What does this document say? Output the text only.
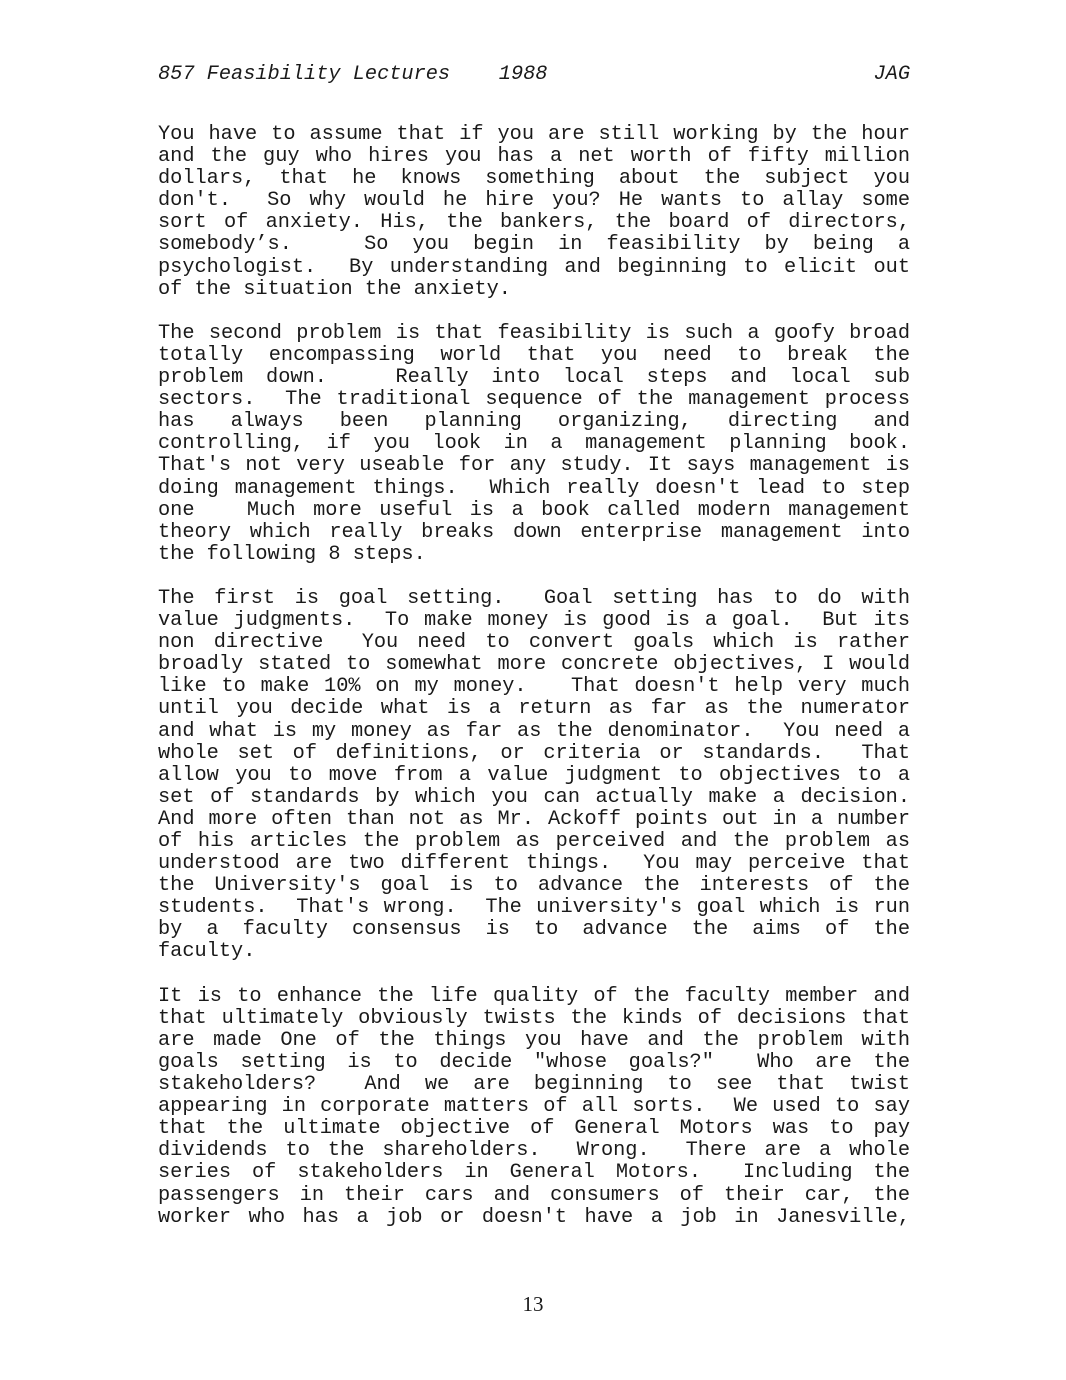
857 Feasibility Lectures    1988	JAG
You have to assume that if you are still working by the hour
and the guy who hires you has a net worth of fifty million
dollars, that he knows something about the subject you
don't.  So why would he hire you? He wants to allay some
sort of anxiety. His, the bankers, the board of directors,
somebody’s.   So you begin in feasibility by being a
psychologist.  By understanding and beginning to elicit out
of the situation the anxiety.
The second problem is that feasibility is such a goofy broad
totally encompassing world that you need to break the
problem down.   Really into local steps and local sub
sectors.  The traditional sequence of the management process
has always been planning organizing, directing and
controlling, if you look in a management planning book.
That's not very useable for any study. It says management is
doing management things.  Which really doesn't lead to step
one   Much more useful is a book called modern management
theory which really breaks down enterprise management into
the following 8 steps.
The first is goal setting.  Goal setting has to do with
value judgments.  To make money is good is a goal.  But its
non directive  You need to convert goals which is rather
broadly stated to somewhat more concrete objectives, I would
like to make 10% on my money.   That doesn't help very much
until you decide what is a return as far as the numerator
and what is my money as far as the denominator.  You need a
whole set of definitions, or criteria or standards.  That
allow you to move from a value judgment to objectives to a
set of standards by which you can actually make a decision.
And more often than not as Mr. Ackoff points out in a number
of his articles the problem as perceived and the problem as
understood are two different things.  You may perceive that
the University's goal is to advance the interests of the
students.  That's wrong.  The university's goal which is run
by a faculty consensus is to advance the aims of the
faculty.
It is to enhance the life quality of the faculty member and
that ultimately obviously twists the kinds of decisions that
are made One of the things you have and the problem with
goals setting is to decide "whose goals?"  Who are the
stakeholders?  And we are beginning to see that twist
appearing in corporate matters of all sorts.  We used to say
that the ultimate objective of General Motors was to pay
dividends to the shareholders.  Wrong.  There are a whole
series of stakeholders in General Motors.  Including the
passengers in their cars and consumers of their car, the
worker who has a job or doesn't have a job in Janesville,
13
